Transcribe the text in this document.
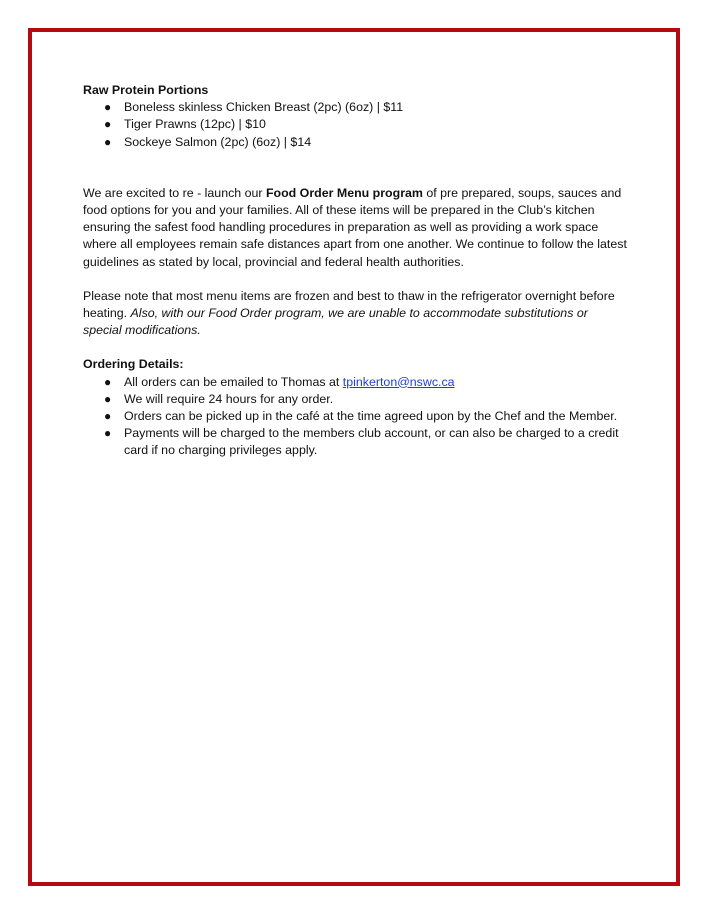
Raw Protein Portions

● Boneless skinless Chicken Breast (2pc) (6oz) | $11
● Tiger Prawns (12pc) | $10
● Sockeye Salmon (2pc) (6oz) | $14

We are excited to re - launch our Food Order Menu program of pre prepared, soups, sauces and food options for you and your families. All of these items will be prepared in the Club’s kitchen ensuring the safest food handling procedures in preparation as well as providing a work space where all employees remain safe distances apart from one another. We continue to follow the latest guidelines as stated by local, provincial and federal health authorities.

Please note that most menu items are frozen and best to thaw in the refrigerator overnight before heating. Also, with our Food Order program, we are unable to accommodate substitutions or special modifications.

Ordering Details:

● All orders can be emailed to Thomas at tpinkerton@nswc.ca
● We will require 24 hours for any order.
● Orders can be picked up in the café at the time agreed upon by the Chef and the Member.
● Payments will be charged to the members club account, or can also be charged to a credit card if no charging privileges apply.
